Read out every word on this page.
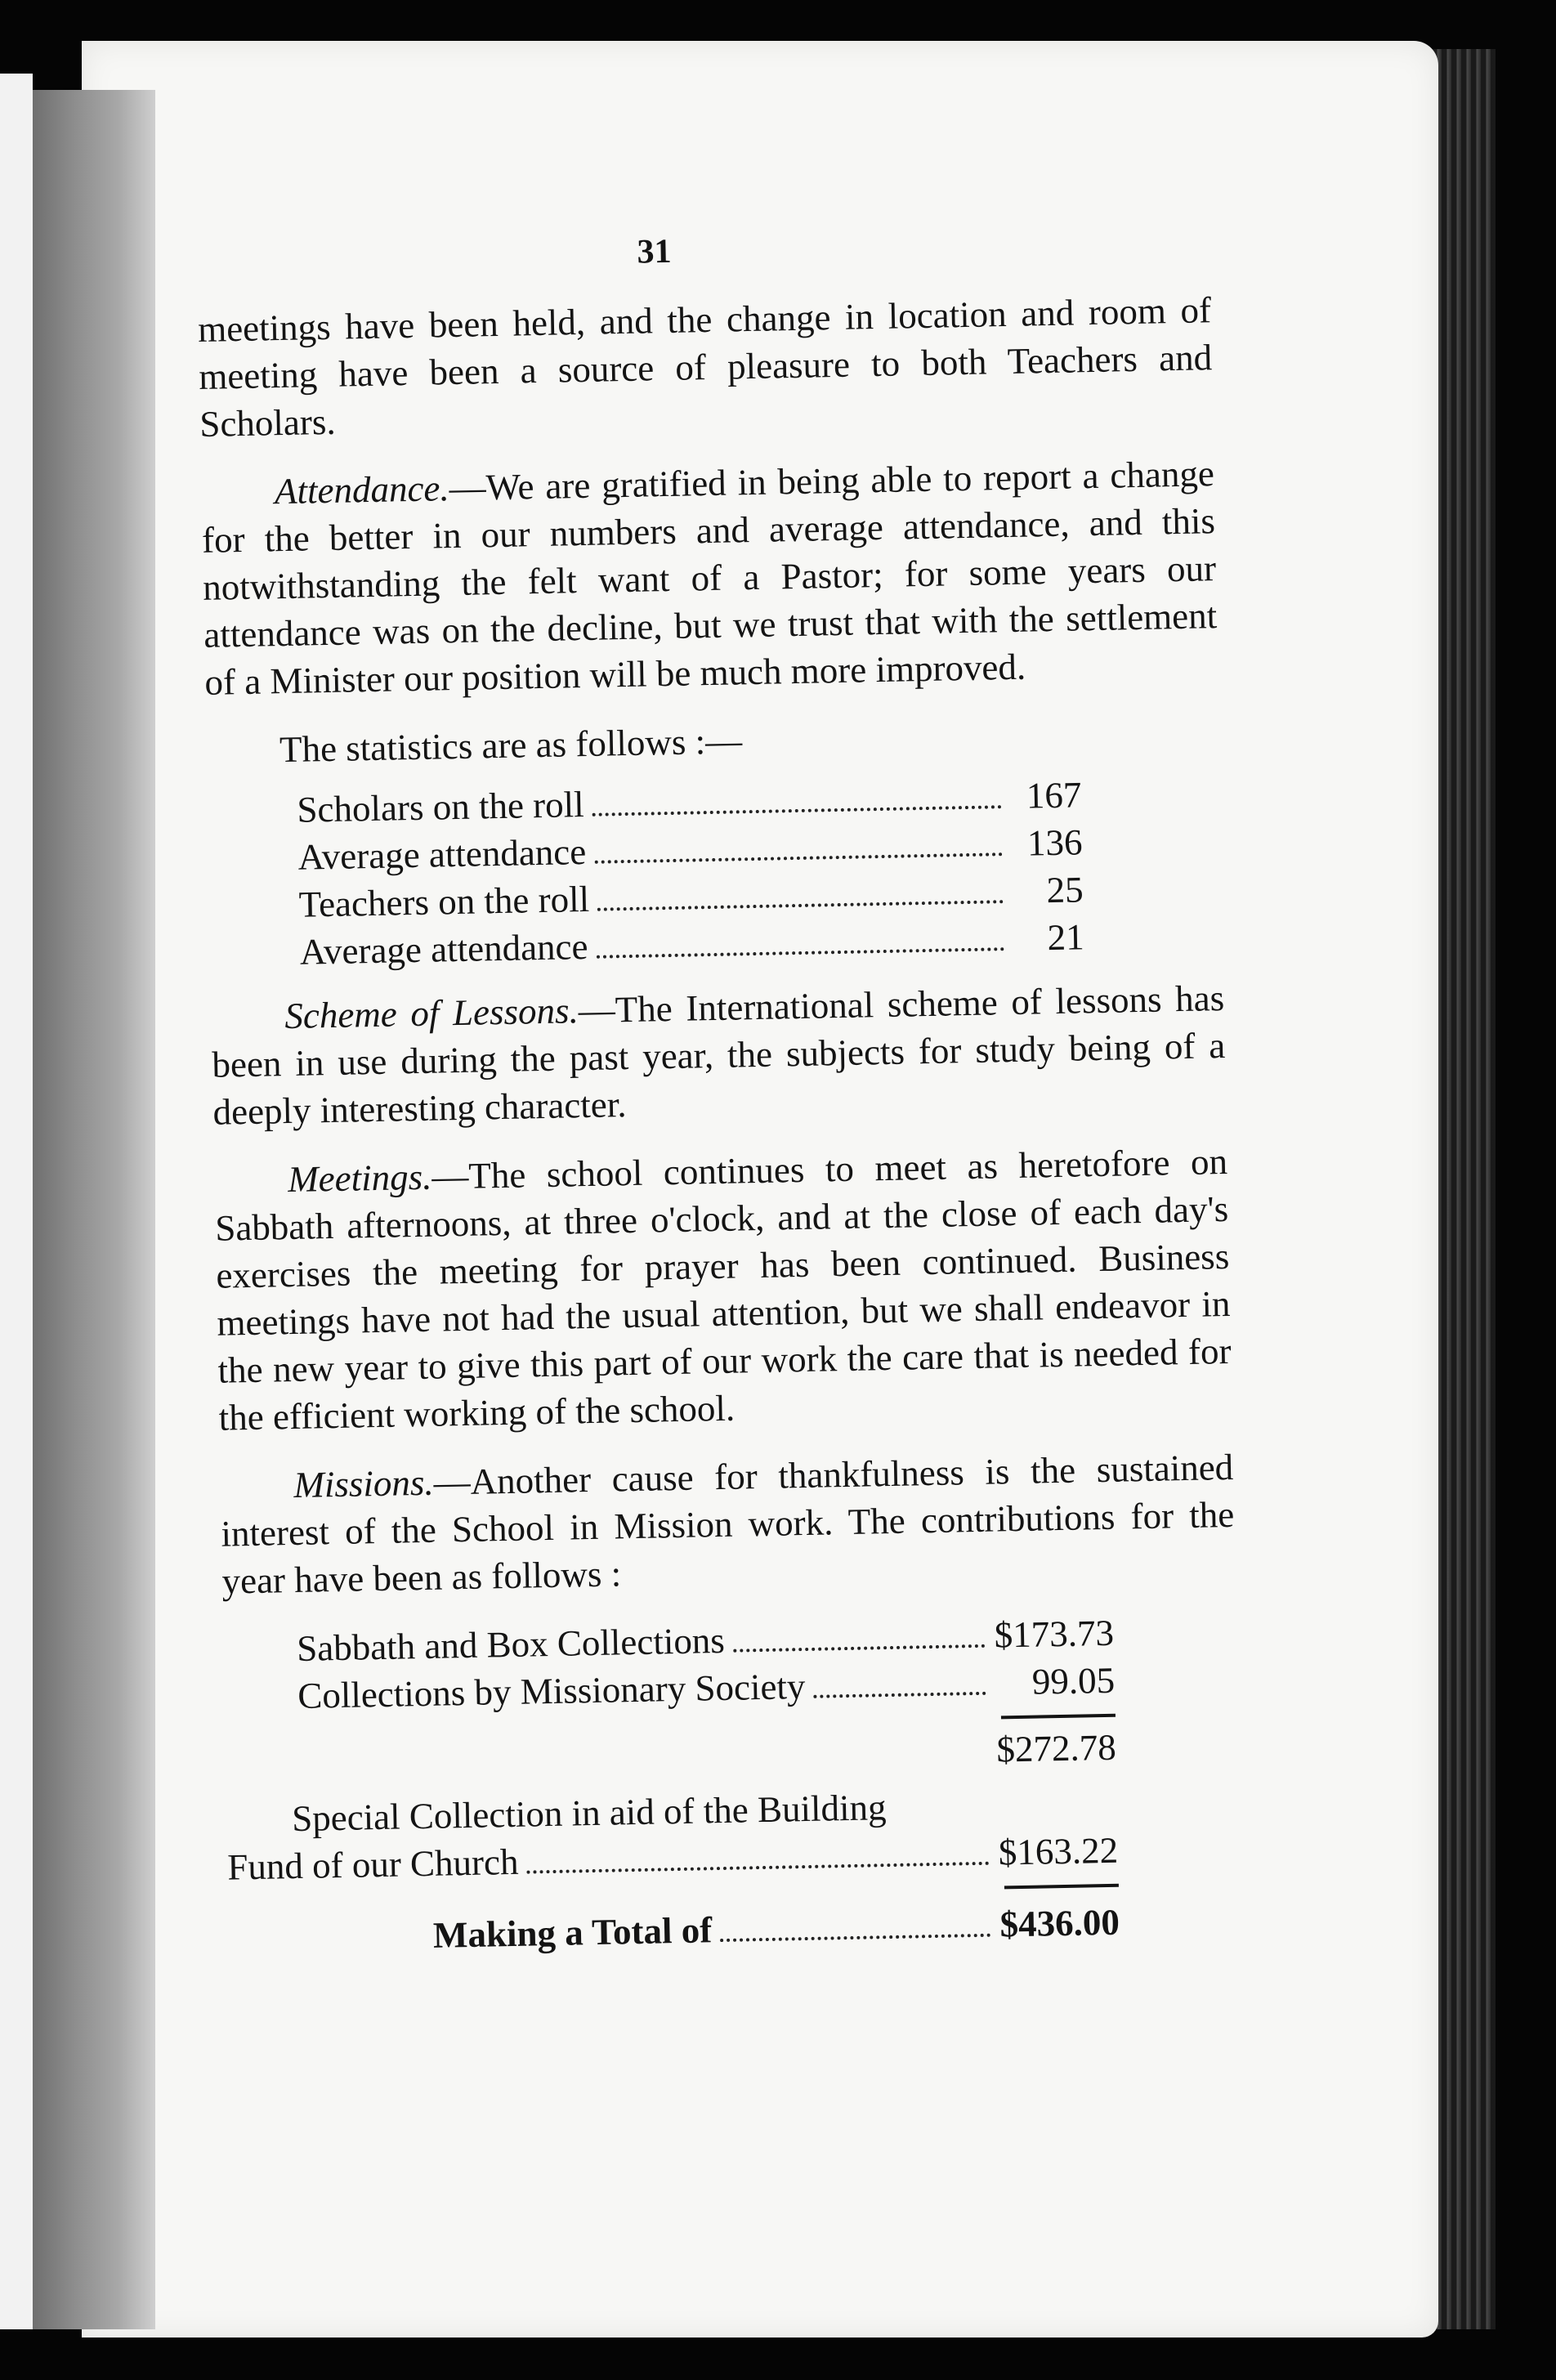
31

meetings have been held, and the change in location and room of meeting have been a source of pleasure to both Teachers and Scholars.

Attendance.—We are gratified in being able to report a change for the better in our numbers and average attendance, and this notwithstanding the felt want of a Pastor; for some years our attendance was on the decline, but we trust that with the settlement of a Minister our position will be much more improved.

The statistics are as follows :—

Scholars on the roll	167
Average attendance	136
Teachers on the roll	25
Average attendance	21

Scheme of Lessons.—The International scheme of lessons has been in use during the past year, the subjects for study being of a deeply interesting character.

Meetings.—The school continues to meet as heretofore on Sabbath afternoons, at three o'clock, and at the close of each day's exercises the meeting for prayer has been continued. Business meetings have not had the usual attention, but we shall endeavor in the new year to give this part of our work the care that is needed for the efficient working of the school.

Missions.—Another cause for thankfulness is the sustained interest of the School in Mission work. The contributions for the year have been as follows :

Sabbath and Box Collections	$173.73
Collections by Missionary Society	99.05
$272.78
Special Collection in aid of the Building
Fund of our Church	$163.22
Making a Total of	$436.00
